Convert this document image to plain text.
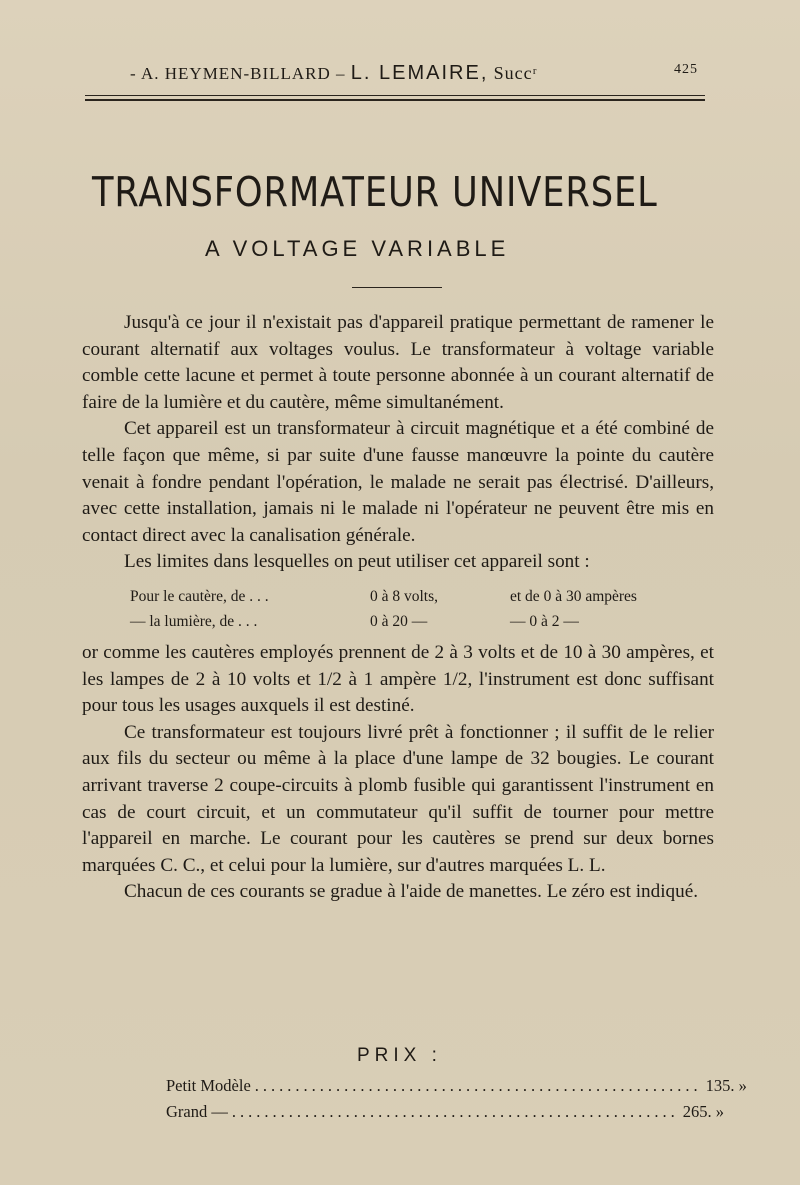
- A. HEYMEN-BILLARD – L. LEMAIRE, Succʳ	425
TRANSFORMATEUR UNIVERSEL
A VOLTAGE VARIABLE

Jusqu'à ce jour il n'existait pas d'appareil pratique permettant de ramener le courant alternatif aux voltages voulus. Le transformateur à voltage variable comble cette lacune et permet à toute personne abonnée à un courant alternatif de faire de la lumière et du cautère, même simultanément.

Cet appareil est un transformateur à circuit magnétique et a été combiné de telle façon que même, si par suite d'une fausse manœuvre la pointe du cautère venait à fondre pendant l'opération, le malade ne serait pas électrisé. D'ailleurs, avec cette installation, jamais ni le malade ni l'opérateur ne peuvent être mis en contact direct avec la canalisation générale.

Les limites dans lesquelles on peut utiliser cet appareil sont :

Pour le cautère, de . . .	0 à 8 volts,	et de 0 à 30 ampères
— la lumière, de . . .	0 à 20 —	— 0 à 2 —

or comme les cautères employés prennent de 2 à 3 volts et de 10 à 30 ampères, et les lampes de 2 à 10 volts et 1/2 à 1 ampère 1/2, l'instrument est donc suffisant pour tous les usages auxquels il est destiné.

Ce transformateur est toujours livré prêt à fonctionner ; il suffit de le relier aux fils du secteur ou même à la place d'une lampe de 32 bougies. Le courant arrivant traverse 2 coupe-circuits à plomb fusible qui garantissent l'instrument en cas de court circuit, et un commutateur qu'il suffit de tourner pour mettre l'appareil en marche. Le courant pour les cautères se prend sur deux bornes marquées C. C., et celui pour la lumière, sur d'autres marquées L. L.

Chacun de ces courants se gradue à l'aide de manettes. Le zéro est indiqué.

PRIX :
Petit Modèle ....................................................... 135. »
Grand — ....................................................... 265. »
